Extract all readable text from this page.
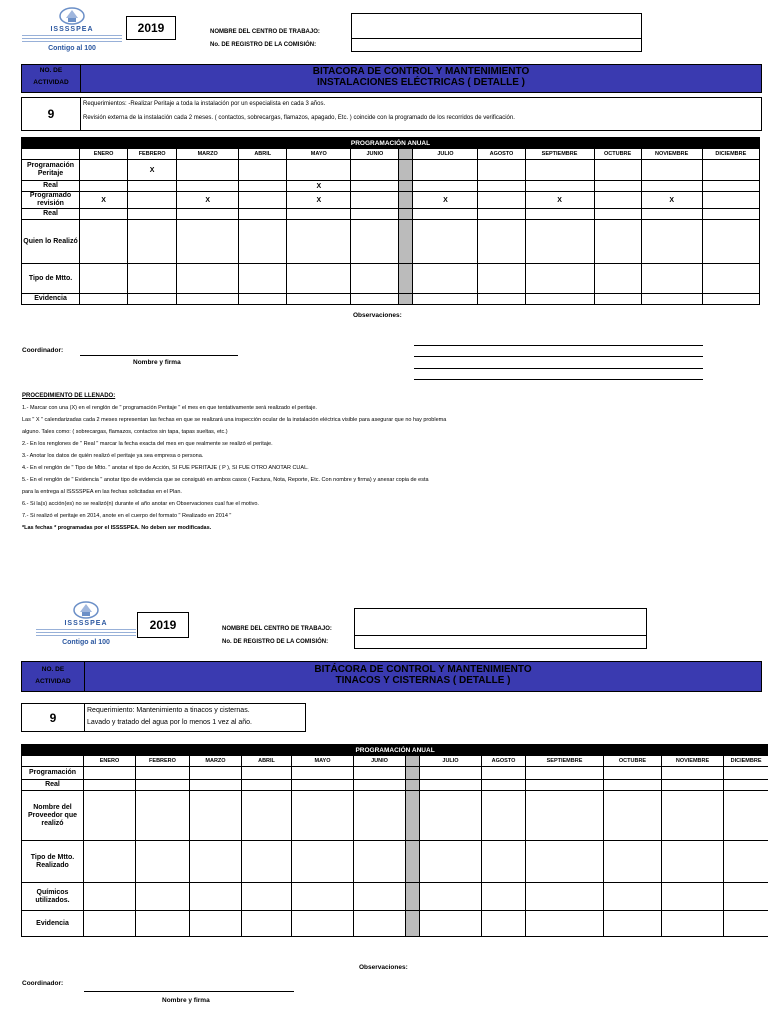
ISSSSPEA
Contigo al 100
2019	NOMBRE DEL CENTRO DE TRABAJO:
No. DE REGISTRO DE LA COMISIÓN:
NO. DE
ACTIVIDAD
BITACORA DE CONTROL Y MANTENIMIENTO
INSTALACIONES ELÉCTRICAS ( DETALLE )
9
Requerimientos: -Realizar Peritaje a toda la instalación por un especialista en cada 3 años.
Revisión externa de la instalación cada 2 meses. ( contactos, sobrecargas, flamazos, apagado, Etc. ) coincide con la programado de los recorridos de verificación.
PROGRAMACIÓN ANUAL													
	ENERO	FEBRERO	MARZO	ABRIL	MAYO	JUNIO		JULIO	AGOSTO	SEPTIEMBRE	OCTUBRE	NOVIEMBRE	DICIEMBRE
Programación Peritaje		X											
Real					X								
Programado revisión	X		X		X			X		X		X	
Real													
Quien lo Realizó													
Tipo de Mtto.													
Evidencia													
Observaciones:
Coordinador:
Nombre y firma
PROCEDIMIENTO DE LLENADO:
1.- Marcar con una (X) en el renglón de " programación Peritaje " el mes en que tentativamente será realizado el peritaje.
Las " X " calendarizadas cada 2 meses representan las fechas en que se realizará una inspección ocular de la instalación eléctrica visible para asegurar que no hay problema
alguno. Tales como: ( sobrecargas, flamazos, contactos sin tapa, tapas sueltas, etc.)
2.- En los renglones de " Real " marcar la fecha exacta del mes en que realmente se realizó el peritaje.
3.- Anotar los datos de quién realizó el peritaje ya sea empresa o persona.
4.- En el renglón de " Tipo de Mtto. " anotar el tipo de Acción, SI FUE PERITAJE ( P ), SI FUE OTRO ANOTAR CUAL.
5.- En el renglón de " Evidencia " anotar tipo de evidencia que se consiguió en ambos casos ( Factura, Nota, Reporte, Etc. Con nombre y firma) y anexar copia de esta
para la entrega al ISSSSPEA en las fechas solicitadas en el Plan.
6.- Si la(s) acción(es) no se realizó(n) durante el año anotar en Observaciones cual fue el motivo.
7.- Si realizó el peritaje en 2014, anote en el cuerpo del formato " Realizado en 2014 "
*Las fechas * programadas por el ISSSSPEA. No deben ser modificadas.
ISSSSPEA
Contigo al 100
2019	NOMBRE DEL CENTRO DE TRABAJO:
No. DE REGISTRO DE LA COMISIÓN:
NO. DE
ACTIVIDAD
BITÁCORA DE CONTROL Y MANTENIMIENTO
TINACOS Y CISTERNAS ( DETALLE )
9	Requerimiento: Mantenimiento a tinacos y cisternas.
Lavado y tratado del agua por lo menos 1 vez al año.
PROGRAMACIÓN ANUAL													
	ENERO	FEBRERO	MARZO	ABRIL	MAYO	JUNIO		JULIO	AGOSTO	SEPTIEMBRE	OCTUBRE	NOVIEMBRE	DICIEMBRE
Programación													
Real													
Nombre del Proveedor que realizó													
Tipo de Mtto. Realizado													
Químicos utilizados.													
Evidencia													
Observaciones:
Coordinador:
Nombre y firma
